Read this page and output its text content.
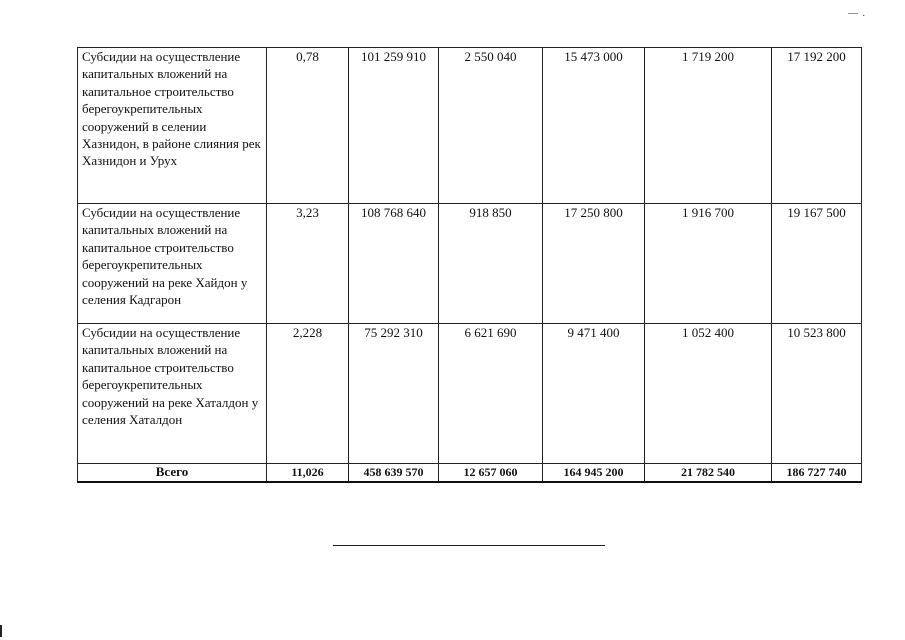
— .
Субсидии на осуществление капитальных вложений на капитальное строительство берегоукрепительных сооружений в селении Хазнидон, в районе слияния рек Хазнидон и Урух	0,78	101 259 910	2 550 040	15 473 000	1 719 200	17 192 200
Субсидии на осуществление капитальных вложений на капитальное строительство берегоукрепительных сооружений на реке Хайдон у селения Кадгарон	3,23	108 768 640	918 850	17 250 800	1 916 700	19 167 500
Субсидии на осуществление капитальных вложений на капитальное строительство берегоукрепительных сооружений на реке Хаталдон у селения Хаталдон	2,228	75 292 310	6 621 690	9 471 400	1 052 400	10 523 800
Всего	11,026	458 639 570	12 657 060	164 945 200	21 782 540	186 727 740
